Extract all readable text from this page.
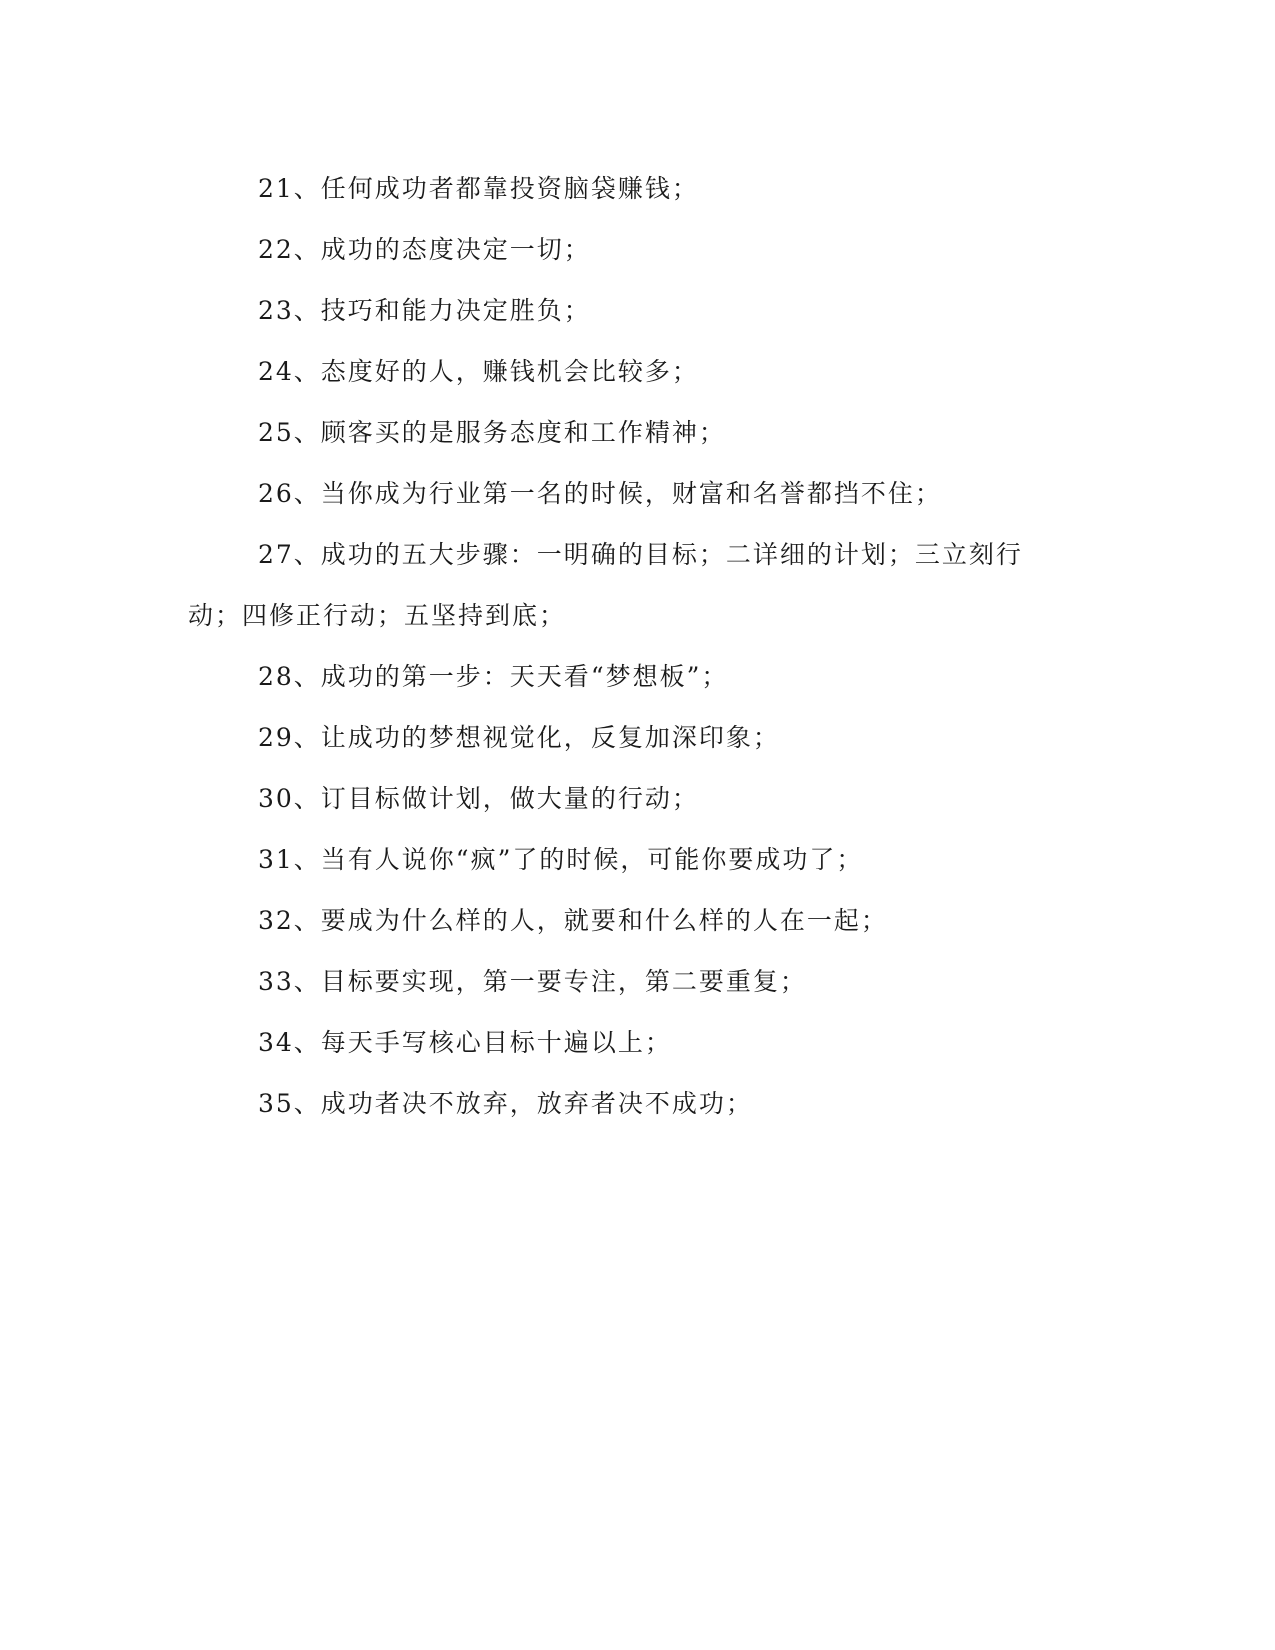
21、任何成功者都靠投资脑袋赚钱；

22、成功的态度决定一切；

23、技巧和能力决定胜负；

24、态度好的人，赚钱机会比较多；

25、顾客买的是服务态度和工作精神；

26、当你成为行业第一名的时候，财富和名誉都挡不住；

27、成功的五大步骤：一明确的目标；二详细的计划；三立刻行动；四修正行动；五坚持到底；

28、成功的第一步：天天看“梦想板”；

29、让成功的梦想视觉化，反复加深印象；

30、订目标做计划，做大量的行动；

31、当有人说你“疯”了的时候，可能你要成功了；

32、要成为什么样的人，就要和什么样的人在一起；

33、目标要实现，第一要专注，第二要重复；

34、每天手写核心目标十遍以上；

35、成功者决不放弃，放弃者决不成功；
